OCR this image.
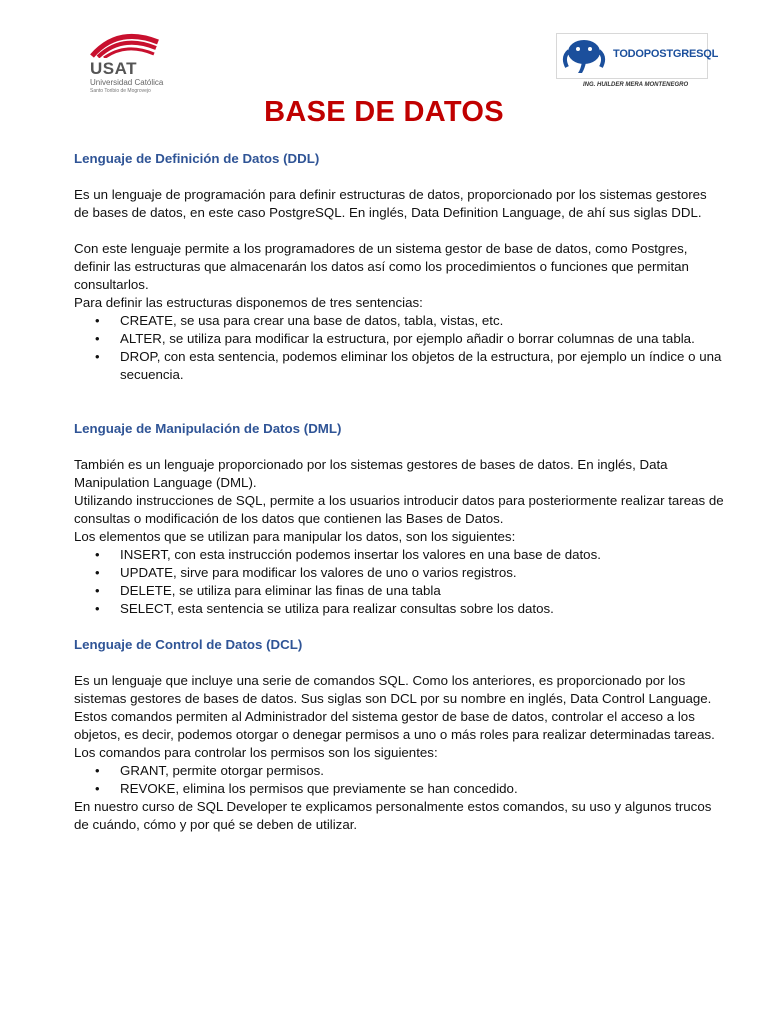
USAT
Universidad Católica
Santo Toribio de Mogrovejo
TODOPOSTGRESQL
ING. HUILDER MERA MONTENEGRO
BASE DE DATOS

Lenguaje de Definición de Datos (DDL)

Es un lenguaje de programación para definir estructuras de datos, proporcionado por los sistemas gestores de bases de datos, en este caso PostgreSQL. En inglés, Data Definition Language, de ahí sus siglas DDL.

Con este lenguaje permite a los programadores de un sistema gestor de base de datos, como Postgres, definir las estructuras que almacenarán los datos así como los procedimientos o funciones que permitan consultarlos.

Para definir las estructuras disponemos de tres sentencias:

• CREATE, se usa para crear una base de datos, tabla, vistas, etc.
• ALTER, se utiliza para modificar la estructura, por ejemplo añadir o borrar columnas de una tabla.
• DROP, con esta sentencia, podemos eliminar los objetos de la estructura, por ejemplo un índice o una secuencia.

Lenguaje de Manipulación de Datos (DML)

También es un lenguaje proporcionado por los sistemas gestores de bases de datos. En inglés, Data Manipulation Language (DML).

Utilizando instrucciones de SQL, permite a los usuarios introducir datos para posteriormente realizar tareas de consultas o modificación de los datos que contienen las Bases de Datos.

Los elementos que se utilizan para manipular los datos, son los siguientes:

• INSERT, con esta instrucción podemos insertar los valores en una base de datos.
• UPDATE, sirve para modificar los valores de uno o varios registros.
• DELETE, se utiliza para eliminar las finas de una tabla
• SELECT, esta sentencia se utiliza para realizar consultas sobre los datos.

Lenguaje de Control de Datos (DCL)

Es un lenguaje que incluye una serie de comandos SQL. Como los anteriores, es proporcionado por los sistemas gestores de bases de datos. Sus siglas son DCL por su nombre en inglés, Data Control Language.

Estos comandos permiten al Administrador del sistema gestor de base de datos, controlar el acceso a los objetos, es decir, podemos otorgar o denegar permisos a uno o más roles para realizar determinadas tareas.

Los comandos para controlar los permisos son los siguientes:

• GRANT, permite otorgar permisos.
• REVOKE, elimina los permisos que previamente se han concedido.

En nuestro curso de SQL Developer te explicamos personalmente estos comandos, su uso y algunos trucos de cuándo, cómo y por qué se deben de utilizar.
